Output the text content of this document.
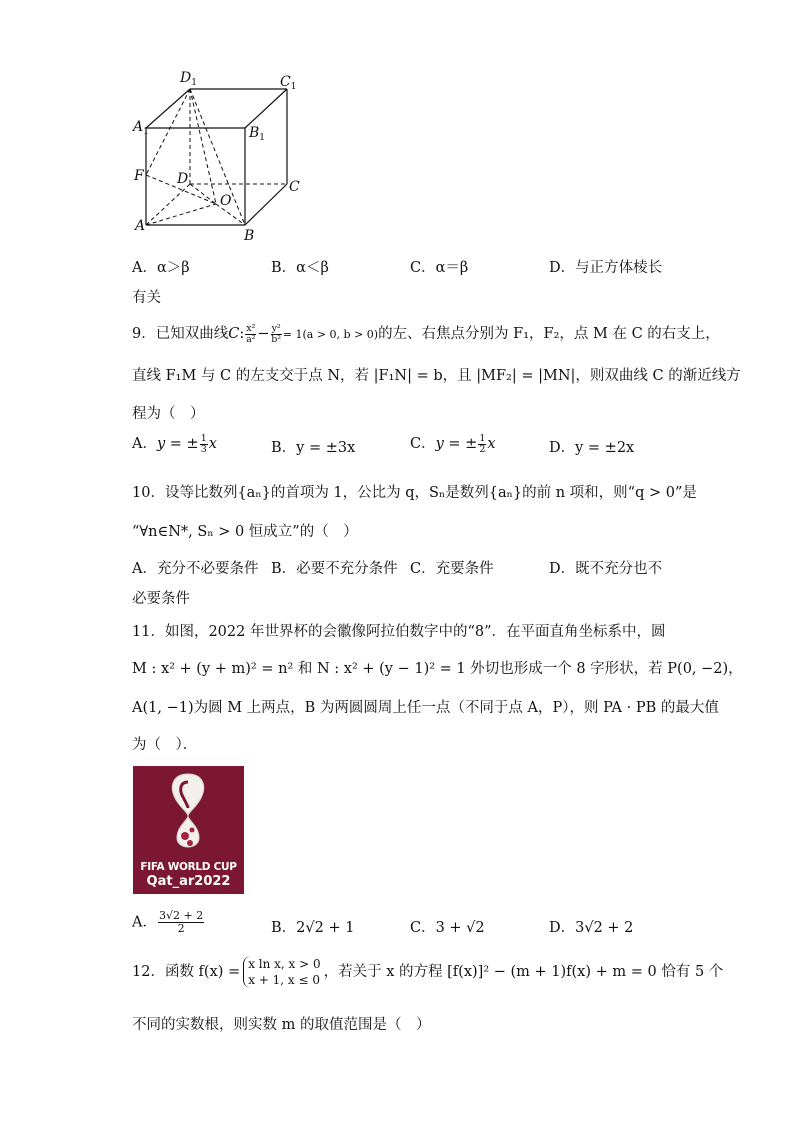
$D_1$	$C_1$
$A_1$	$B_1$
F D	C
O
A
B
A．α＞β	B．α＜β	C．α＝β	D．与正方体棱长
有关
9．已知双曲线C: $\frac{\text{x²}}{\text{a²}} - \frac{\text{y²}}{\text{b²}} = 1(a > 0$, b > 0)的左、右焦点分别为 F₁，F₂，点 M 在 C 的右支上，
直线 F₁M 与 C 的左支交于点 N，若 |F₁N| = b，且 |MF₂| = |MN|，则双曲线 C 的渐近线方
程为（　）
A．y = ± $\frac{1}{3}$ x	B．y = ±3x	C．y = ± $\frac{1}{2}$ x	D．y = ±2x
10．设等比数列{aₙ}的首项为 1，公比为 q，Sₙ是数列{aₙ}的前 n 项和，则“q > 0”是
“∀n∈N*, Sₙ > 0 恒成立”的（　）
A．充分不必要条件 B．必要不充分条件 C．充要条件	D．既不充分也不
必要条件
11．如图，2022 年世界杯的会徽像阿拉伯数字中的“8”．在平面直角坐标系中，圆
M : x² + (y + m)² = n² 和 N : x² + (y − 1)² = 1 外切也形成一个 8 字形状，若 P(0, −2)，
A(1, −1)为圆 M 上两点，B 为两圆圆周上任一点（不同于点 A，P），则 PA · PB 的最大值
为（　）．
FIFA WORLD CUP
Qat_ar2022
A． $\frac{3√2 + 2}{2}$	B．2√2 + 1	C．3 + √2	D．3√2 + 2
12．函数 f(x) = x ln x, x > 0
x + 1, x ≤ 0 ，若关于 x 的方程 [f(x)]² − (m + 1)f(x) + m = 0 恰有 5 个
不同的实数根，则实数 m 的取值范围是（　）
